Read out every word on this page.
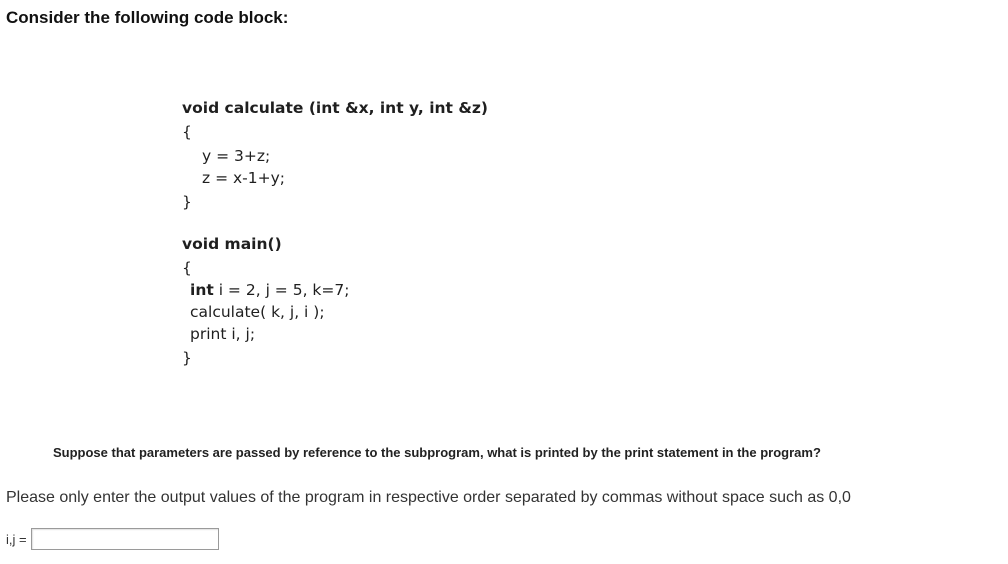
Consider the following code block:
void calculate (int &x, int y, int &z)
{
y = 3+z;
z = x-1+y;
}
void main()
{
int i = 2, j = 5, k=7;
calculate( k, j, i );
print i, j;
}
Suppose that parameters are passed by reference to the subprogram, what is printed by the print statement in the program?
Please only enter the output values of the program in respective order separated by commas without space such as 0,0
i,j =
